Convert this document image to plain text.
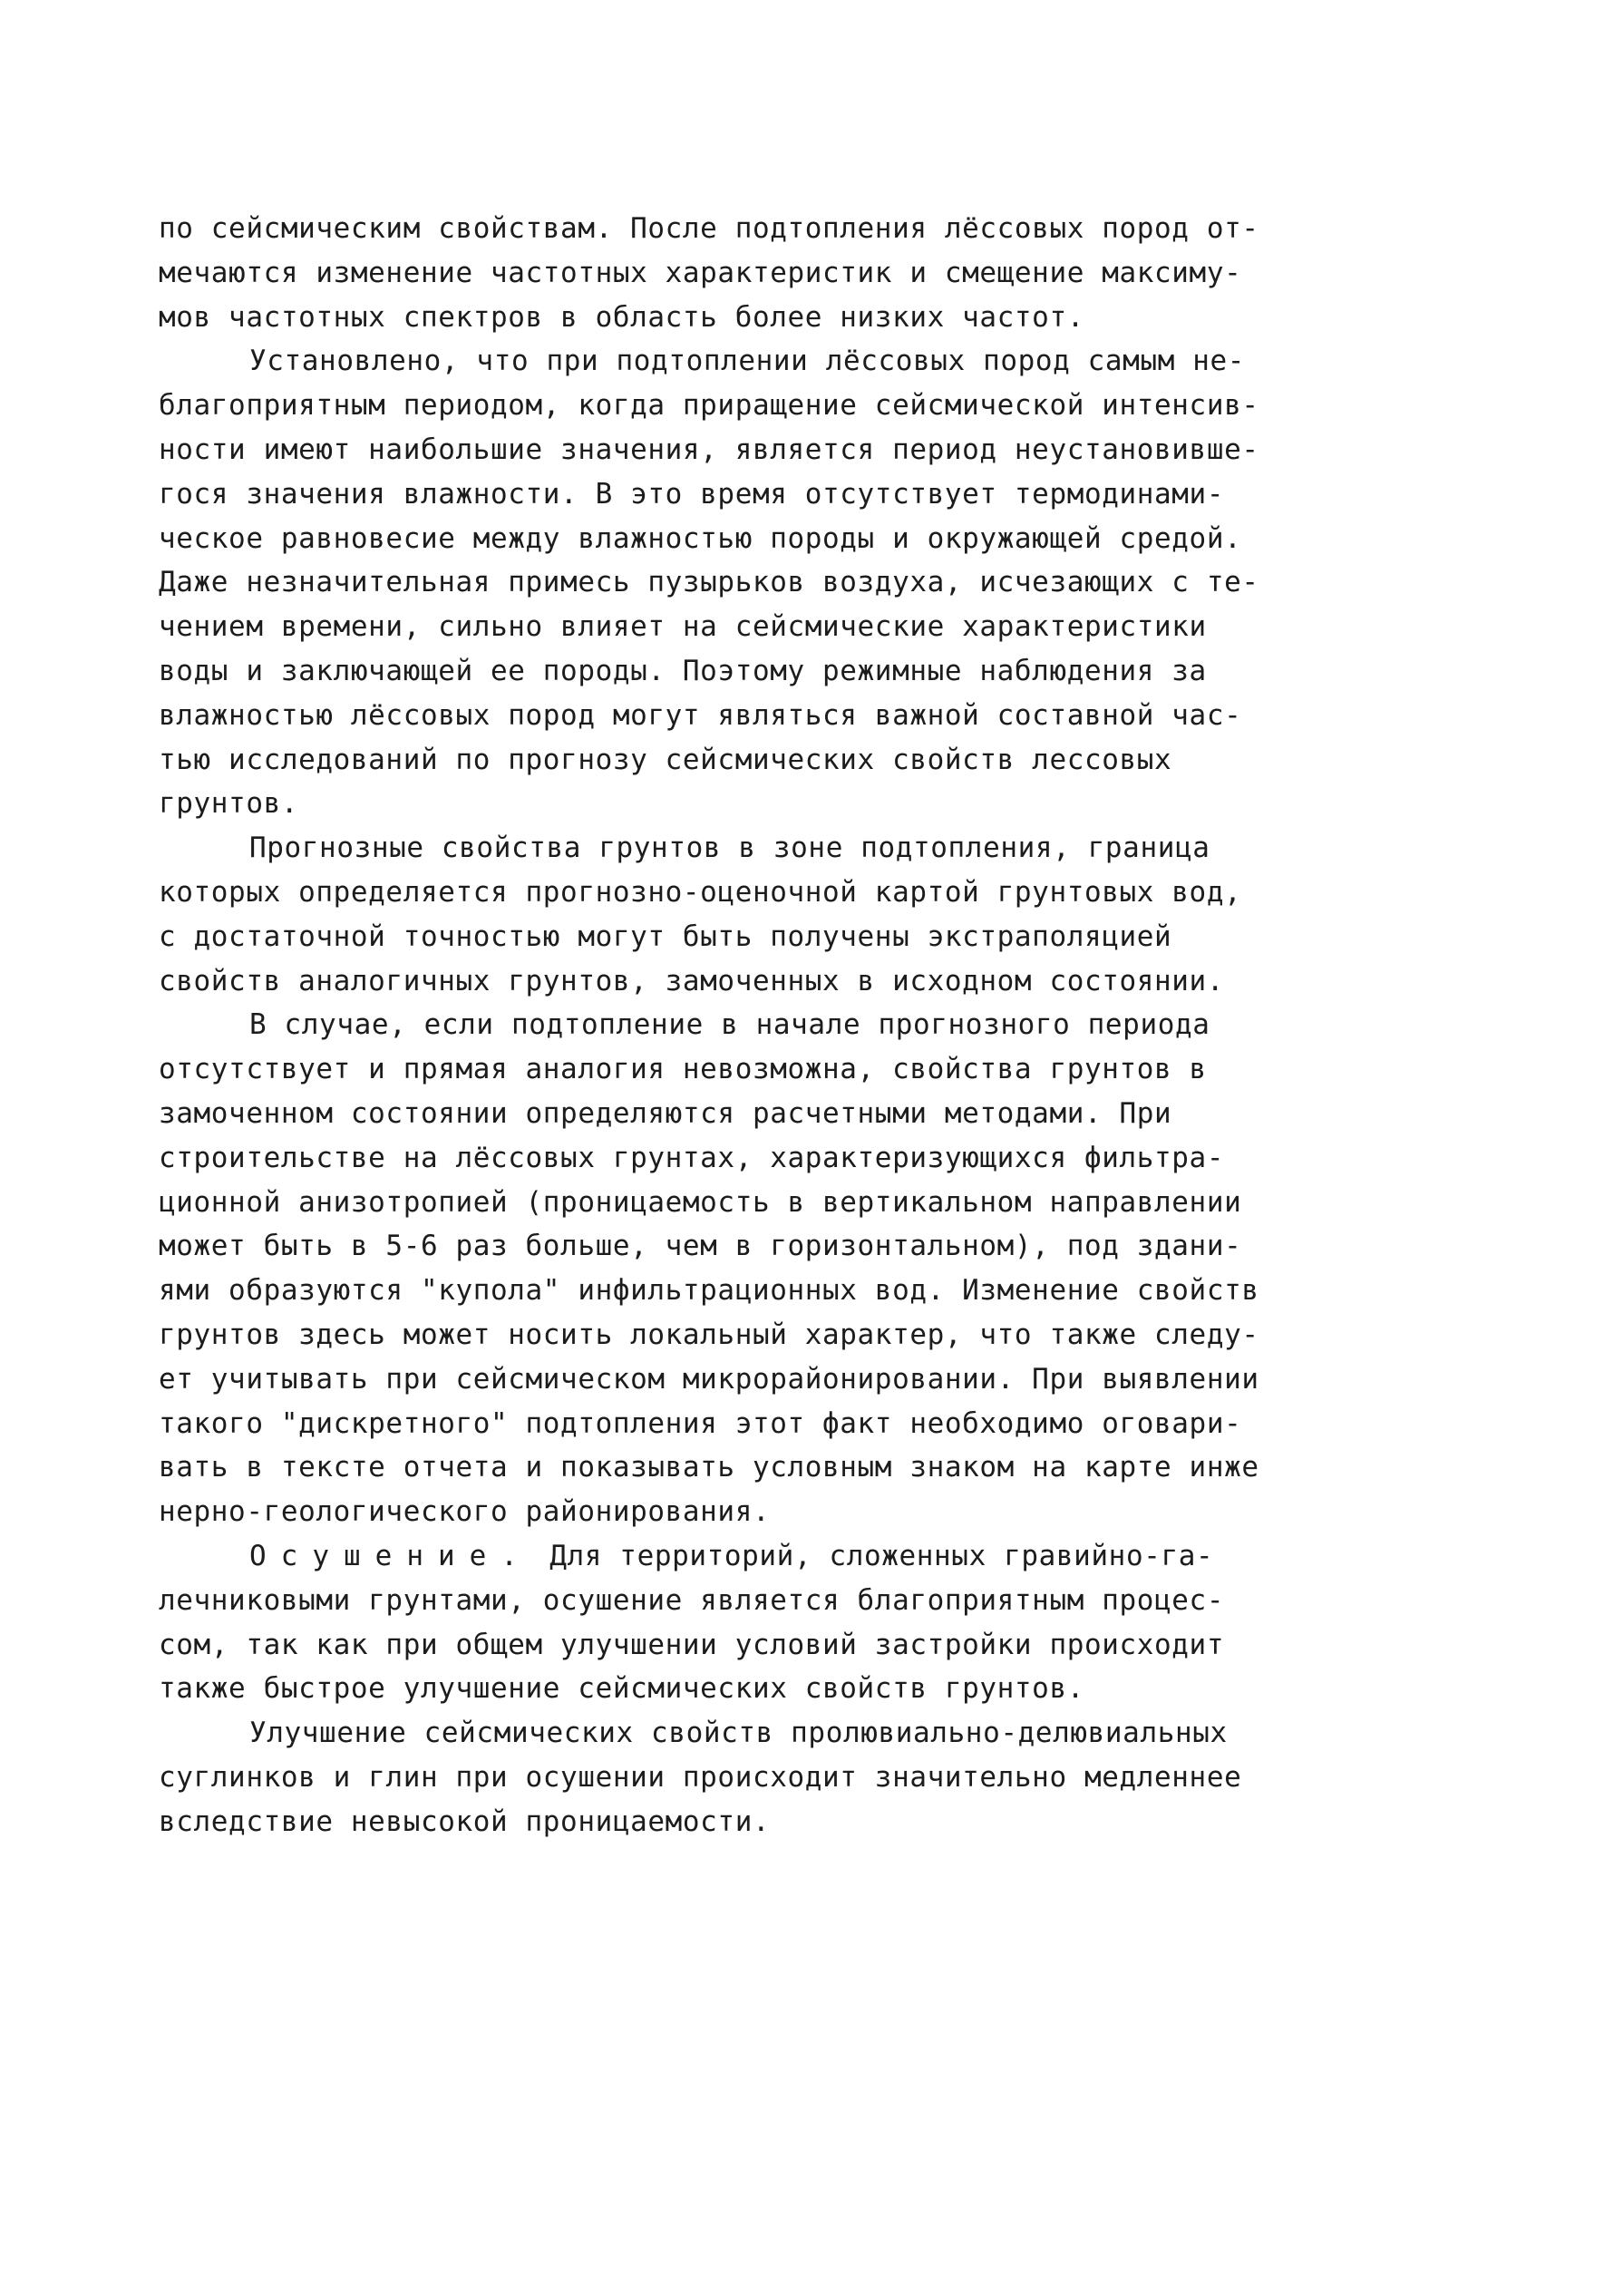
по сейсмическим свойствам. После подтопления лёссовых пород от-
мечаются изменение частотных характеристик и смещение максиму-
мов частотных спектров в область более низких частот.
Установлено, что при подтоплении лёссовых пород самым не-
благоприятным периодом, когда приращение сейсмической интенсив-
ности имеют наибольшие значения, является период неустановивше-
гося значения влажности. В это время отсутствует термодинами-
ческое равновесие между влажностью породы и окружающей средой.
Даже незначительная примесь пузырьков воздуха, исчезающих с те-
чением времени, сильно влияет на сейсмические характеристики
воды и заключающей ее породы. Поэтому режимные наблюдения за
влажностью лёссовых пород могут являться важной составной час-
тью исследований по прогнозу сейсмических свойств лессовых
грунтов.
Прогнозные свойства грунтов в зоне подтопления, граница
которых определяется прогнозно-оценочной картой грунтовых вод,
с достаточной точностью могут быть получены экстраполяцией
свойств аналогичных грунтов, замоченных в исходном состоянии.
В случае, если подтопление в начале прогнозного периода
отсутствует и прямая аналогия невозможна, свойства грунтов в
замоченном состоянии определяются расчетными методами. При
строительстве на лёссовых грунтах, характеризующихся фильтра-
ционной анизотропией (проницаемость в вертикальном направлении
может быть в 5-6 раз больше, чем в горизонтальном), под здани-
ями образуются "купола" инфильтрационных вод. Изменение свойств
грунтов здесь может носить локальный характер, что также следу-
ет учитывать при сейсмическом микрорайонировании. При выявлении
такого "дискретного" подтопления этот факт необходимо оговари-
вать в тексте отчета и показывать условным знаком на карте инже
нерно-геологического районирования.
Осушение. Для территорий, сложенных гравийно-га-
лечниковыми грунтами, осушение является благоприятным процес-
сом, так как при общем улучшении условий застройки происходит
также быстрое улучшение сейсмических свойств грунтов.
Улучшение сейсмических свойств пролювиально-делювиальных
суглинков и глин при осушении происходит значительно медленнее
вследствие невысокой проницаемости.
